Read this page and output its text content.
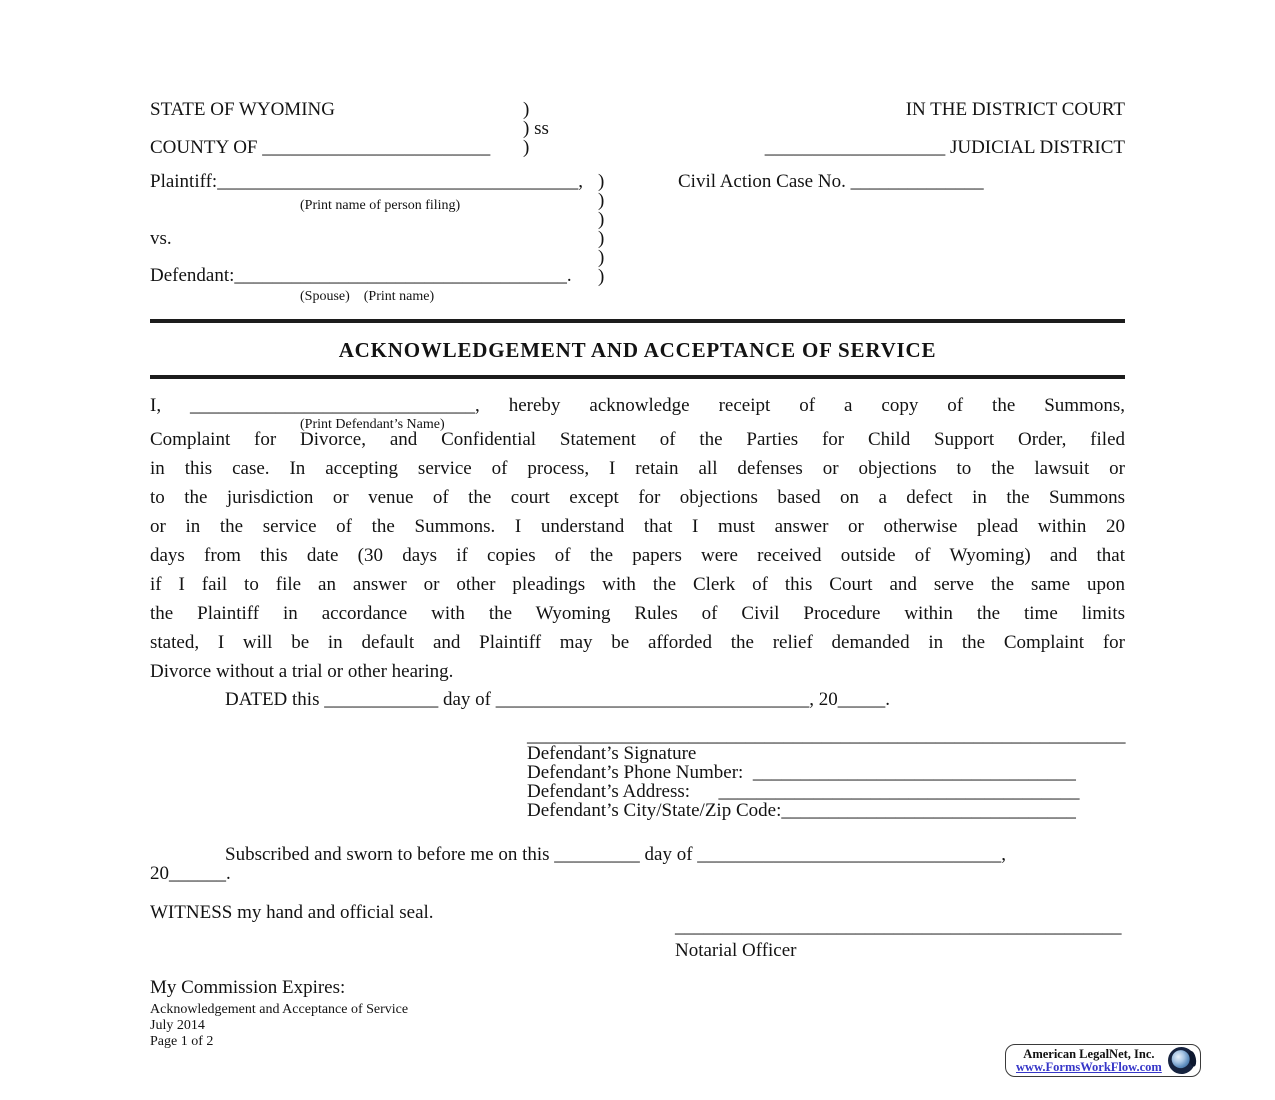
STATE OF WYOMING	)	IN THE DISTRICT COURT
) ss
COUNTY OF ________________________ )	___________________ JUDICIAL DISTRICT
Plaintiff:______________________________________,	Civil Action Case No. ______________
(Print name of person filing)
vs.
Defendant:___________________________________.
(Spouse)    (Print name)
)
)
)
)
)
)
ACKNOWLEDGEMENT AND ACCEPTANCE OF SERVICE
I, ______________________________, hereby acknowledge receipt of a copy of the Summons,
(Print Defendant’s Name)
Complaint for Divorce, and Confidential Statement of the Parties for Child Support Order, filed
in this case. In accepting service of process, I retain all defenses or objections to the lawsuit or
to the jurisdiction or venue of the court except for objections based on a defect in the Summons
or in the service of the Summons. I understand that I must answer or otherwise plead within 20
days from this date (30 days if copies of the papers were received outside of Wyoming) and that
if I fail to file an answer or other pleadings with the Clerk of this Court and serve the same upon
the Plaintiff in accordance with the Wyoming Rules of Civil Procedure within the time limits
stated, I will be in default and Plaintiff may be afforded the relief demanded in the Complaint for
Divorce without a trial or other hearing.
DATED this ____________ day of _________________________________, 20_____.
_______________________________________________________________
Defendant’s Signature
Defendant’s Phone Number:  __________________________________
Defendant’s Address:      ______________________________________
Defendant’s City/State/Zip Code:_______________________________
Subscribed and sworn to before me on this _________ day of ________________________________,
20______.
WITNESS my hand and official seal.
_______________________________________________
Notarial Officer
My Commission Expires:
Acknowledgement and Acceptance of Service
July 2014
Page 1 of 2
American LegalNet, Inc.
www.FormsWorkFlow.com
